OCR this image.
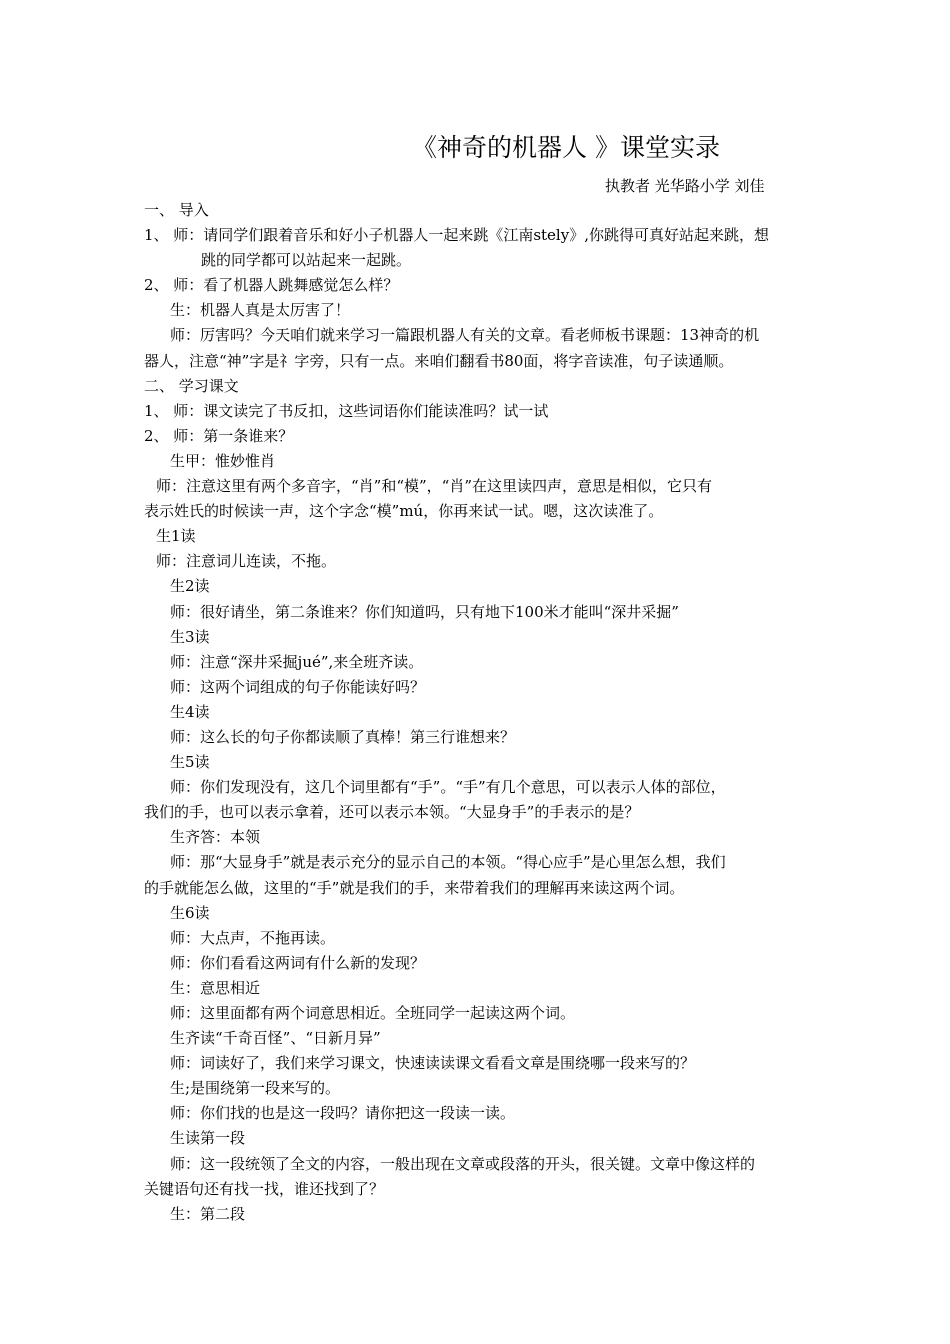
《神奇的机器人 》课堂实录
执教者 光华路小学 刘佳
一、 导入
1、 师：请同学们跟着音乐和好小子机器人一起来跳《江南stely》,你跳得可真好站起来跳，想
跳的同学都可以站起来一起跳。
2、 师：看了机器人跳舞感觉怎么样？
生：机器人真是太厉害了！
师：厉害吗？今天咱们就来学习一篇跟机器人有关的文章。看老师板书课题：13神奇的机
器人，注意“神”字是礻字旁，只有一点。来咱们翻看书80面，将字音读准，句子读通顺。
二、 学习课文
1、 师：课文读完了书反扣，这些词语你们能读准吗？试一试
2、 师：第一条谁来？
生甲：惟妙惟肖
师：注意这里有两个多音字，“肖”和“模”，“肖”在这里读四声，意思是相似，它只有
表示姓氏的时候读一声，这个字念“模”mú，你再来试一试。嗯，这次读准了。
生1读
师：注意词儿连读，不拖。
生2读
师：很好请坐，第二条谁来？你们知道吗，只有地下100米才能叫“深井采掘”
生3读
师：注意“深井采掘jué”,来全班齐读。
师：这两个词组成的句子你能读好吗？
生4读
师：这么长的句子你都读顺了真棒！第三行谁想来？
生5读
师：你们发现没有，这几个词里都有“手”。“手”有几个意思，可以表示人体的部位，
我们的手，也可以表示拿着，还可以表示本领。“大显身手”的手表示的是？
生齐答：本领
师：那“大显身手”就是表示充分的显示自己的本领。“得心应手”是心里怎么想，我们
的手就能怎么做，这里的“手”就是我们的手，来带着我们的理解再来读这两个词。
生6读
师：大点声，不拖再读。
师：你们看看这两词有什么新的发现？
生：意思相近
师：这里面都有两个词意思相近。全班同学一起读这两个词。
生齐读“千奇百怪”、“日新月异”
师：词读好了，我们来学习课文，快速读读课文看看文章是围绕哪一段来写的？
生;是围绕第一段来写的。
师：你们找的也是这一段吗？请你把这一段读一读。
生读第一段
师：这一段统领了全文的内容，一般出现在文章或段落的开头，很关键。文章中像这样的
关键语句还有找一找，谁还找到了？
生：第二段
